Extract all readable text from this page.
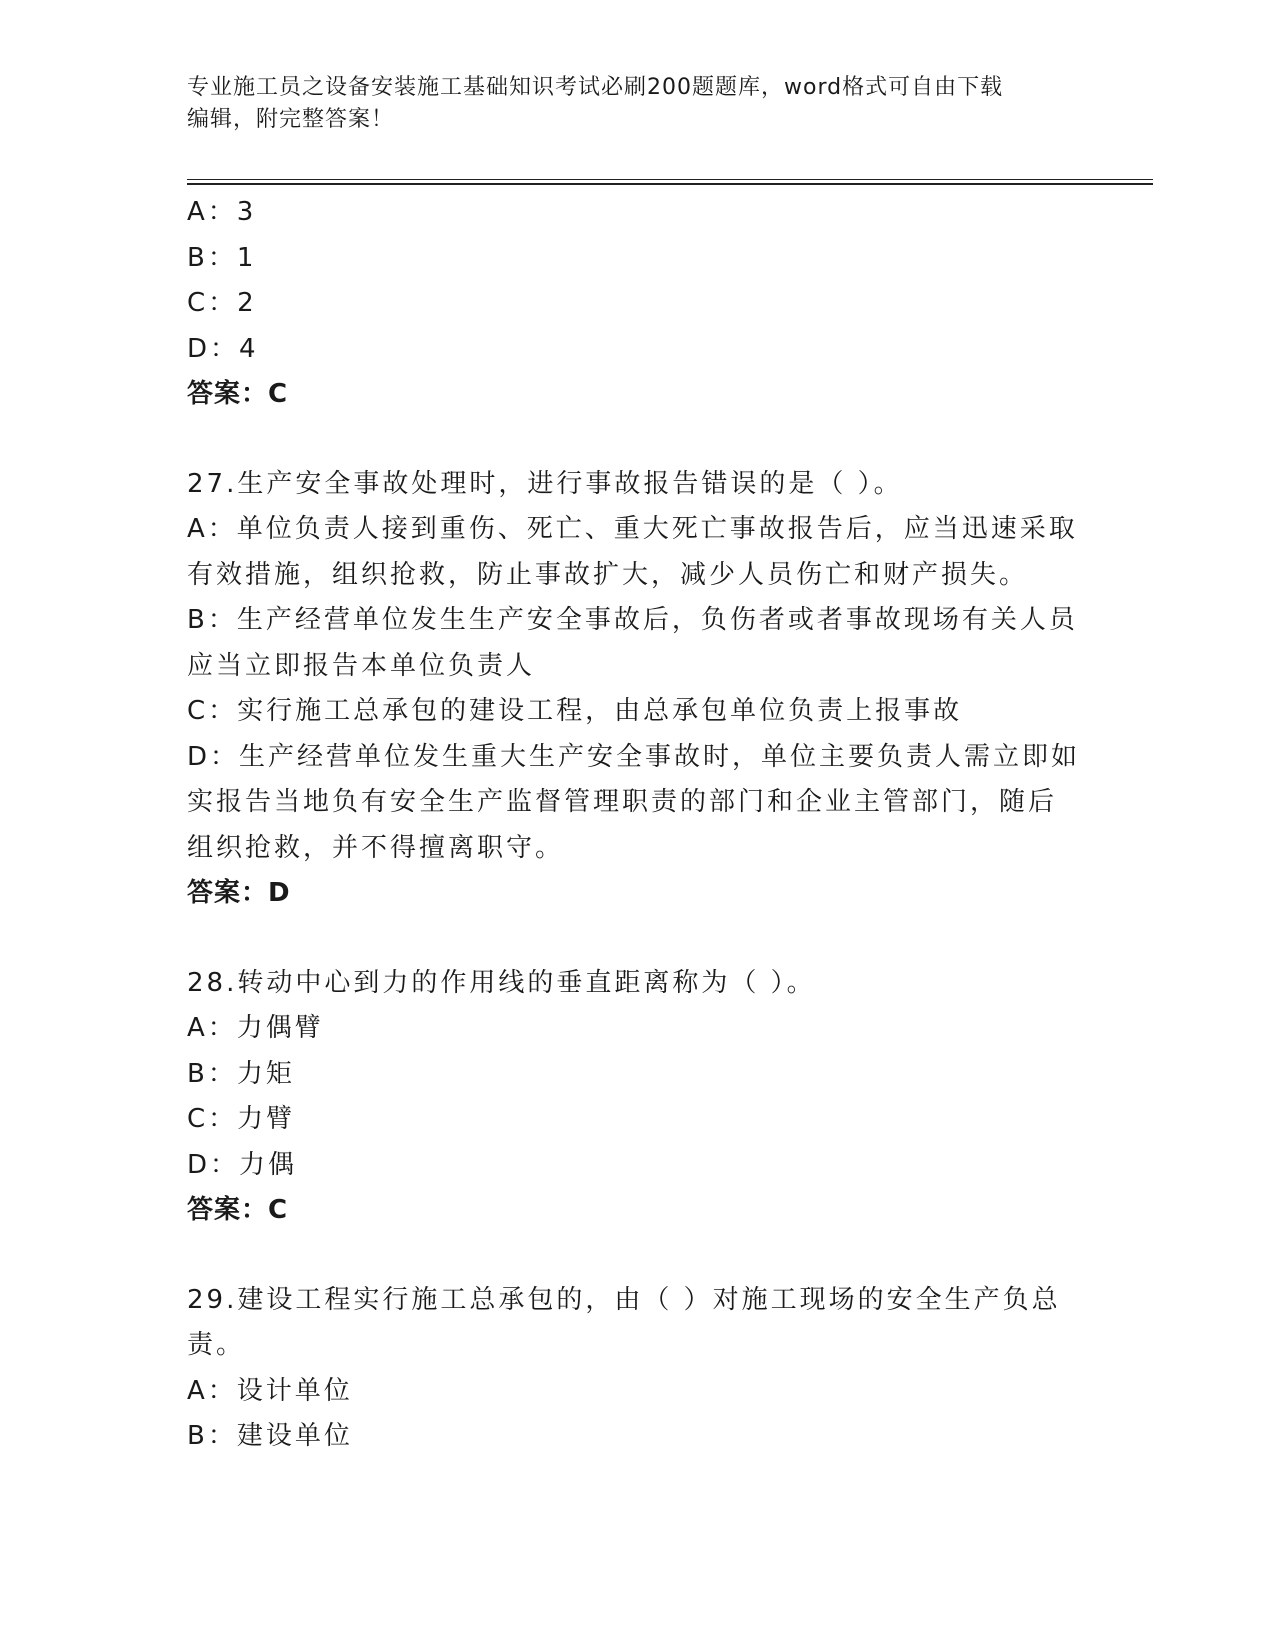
专业施工员之设备安装施工基础知识考试必刷200题题库，word格式可自由下载
编辑，附完整答案！
A：3
B：1
C：2
D：4
答案：C
27.生产安全事故处理时，进行事故报告错误的是（ ）。
A：单位负责人接到重伤、死亡、重大死亡事故报告后，应当迅速采取
有效措施，组织抢救，防止事故扩大，减少人员伤亡和财产损失。
B：生产经营单位发生生产安全事故后，负伤者或者事故现场有关人员
应当立即报告本单位负责人
C：实行施工总承包的建设工程，由总承包单位负责上报事故
D：生产经营单位发生重大生产安全事故时，单位主要负责人需立即如
实报告当地负有安全生产监督管理职责的部门和企业主管部门，随后
组织抢救，并不得擅离职守。
答案：D
28.转动中心到力的作用线的垂直距离称为（ ）。
A：力偶臂
B：力矩
C：力臂
D：力偶
答案：C
29.建设工程实行施工总承包的，由（ ）对施工现场的安全生产负总
责。
A：设计单位
B：建设单位
